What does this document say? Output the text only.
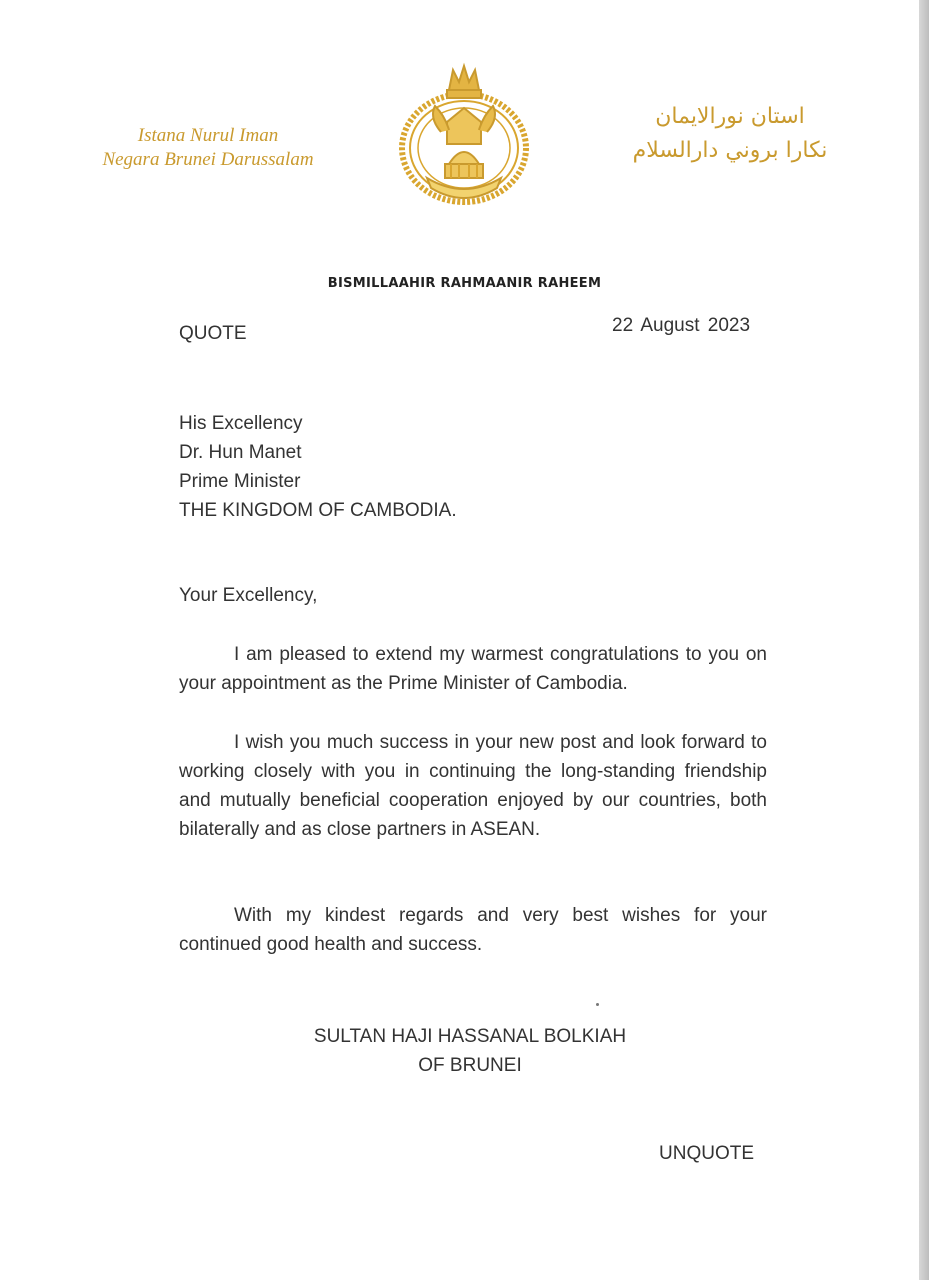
Istana Nurul Iman
Negara Brunei Darussalam
استان نورالايمان
نكارا بروني دارالسلام
BISMILLAAHIR RAHMAANIR RAHEEM
QUOTE	22 August 2023
His Excellency
Dr. Hun Manet
Prime Minister
THE KINGDOM OF CAMBODIA.
Your Excellency,
I am pleased to extend my warmest congratulations to you on your appointment as the Prime Minister of Cambodia.
I wish you much success in your new post and look forward to working closely with you in continuing the long-standing friendship and mutually beneficial cooperation enjoyed by our countries, both bilaterally and as close partners in ASEAN.
With my kindest regards and very best wishes for your continued good health and success.
SULTAN HAJI HASSANAL BOLKIAH
OF BRUNEI
UNQUOTE
